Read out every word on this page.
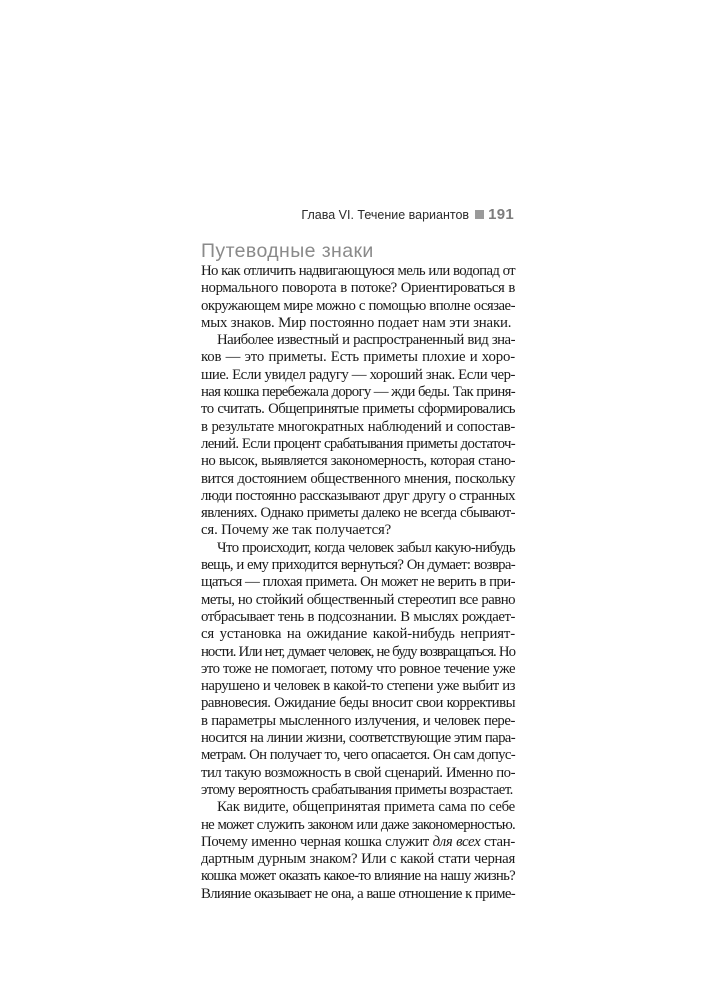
Глава VI. Течение вариантов 191
Путеводные знаки
Но как отличить надвигающуюся мель или водопад от
нормального поворота в потоке? Ориентироваться в
окружающем мире можно с помощью вполне осязае-
мых знаков. Мир постоянно подает нам эти знаки.
Наиболее известный и распространенный вид зна-
ков — это приметы. Есть приметы плохие и хоро-
шие. Если увидел радугу — хороший знак. Если чер-
ная кошка перебежала дорогу — жди беды. Так приня-
то считать. Общепринятые приметы сформировались
в результате многократных наблюдений и сопостав-
лений. Если процент срабатывания приметы достаточ-
но высок, выявляется закономерность, которая стано-
вится достоянием общественного мнения, поскольку
люди постоянно рассказывают друг другу о странных
явлениях. Однако приметы далеко не всегда сбывают-
ся. Почему же так получается?
Что происходит, когда человек забыл какую-нибудь
вещь, и ему приходится вернуться? Он думает: возвра-
щаться — плохая примета. Он может не верить в при-
меты, но стойкий общественный стереотип все равно
отбрасывает тень в подсознании. В мыслях рождает-
ся установка на ожидание какой-нибудь неприят-
ности. Или нет, думает человек, не буду возвращаться. Но
это тоже не помогает, потому что ровное течение уже
нарушено и человек в какой-то степени уже выбит из
равновесия. Ожидание беды вносит свои коррективы
в параметры мысленного излучения, и человек пере-
носится на линии жизни, соответствующие этим пара-
метрам. Он получает то, чего опасается. Он сам допус-
тил такую возможность в свой сценарий. Именно по-
этому вероятность срабатывания приметы возрастает.
Как видите, общепринятая примета сама по себе
не может служить законом или даже закономерностью.
Почему именно черная кошка служит для всех стан-
дартным дурным знаком? Или с какой стати черная
кошка может оказать какое-то влияние на нашу жизнь?
Влияние оказывает не она, а ваше отношение к приме-
